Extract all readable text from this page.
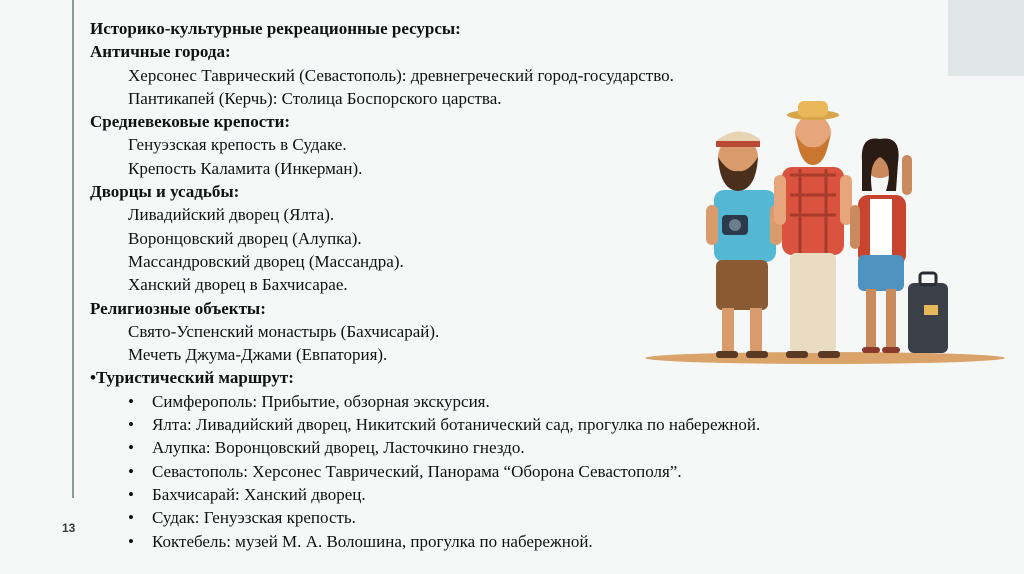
13
Историко-культурные рекреационные ресурсы:
Античные города:
Херсонес Таврический (Севастополь): древнегреческий город-государство.
Пантикапей (Керчь): Столица Боспорского царства.
Средневековые крепости:
Генуэзская крепость в Судаке.
Крепость Каламита (Инкерман).
Дворцы и усадьбы:
Ливадийский дворец (Ялта).
Воронцовский дворец (Алупка).
Массандровский дворец (Массандра).
Ханский дворец в Бахчисарае.
Религиозные объекты:
Свято-Успенский монастырь (Бахчисарай).
Мечеть Джума-Джами (Евпатория).
•Туристический маршрут:
•	Симферополь: Прибытие, обзорная экскурсия.
•	Ялта: Ливадийский дворец, Никитский ботанический сад, прогулка по набережной.
•	Алупка: Воронцовский дворец, Ласточкино гнездо.
•	Севастополь: Херсонес Таврический, Панорама “Оборона Севастополя”.
•	Бахчисарай: Ханский дворец.
•	Судак: Генуэзская крепость.
•	Коктебель: музей М. А. Волошина, прогулка по набережной.
